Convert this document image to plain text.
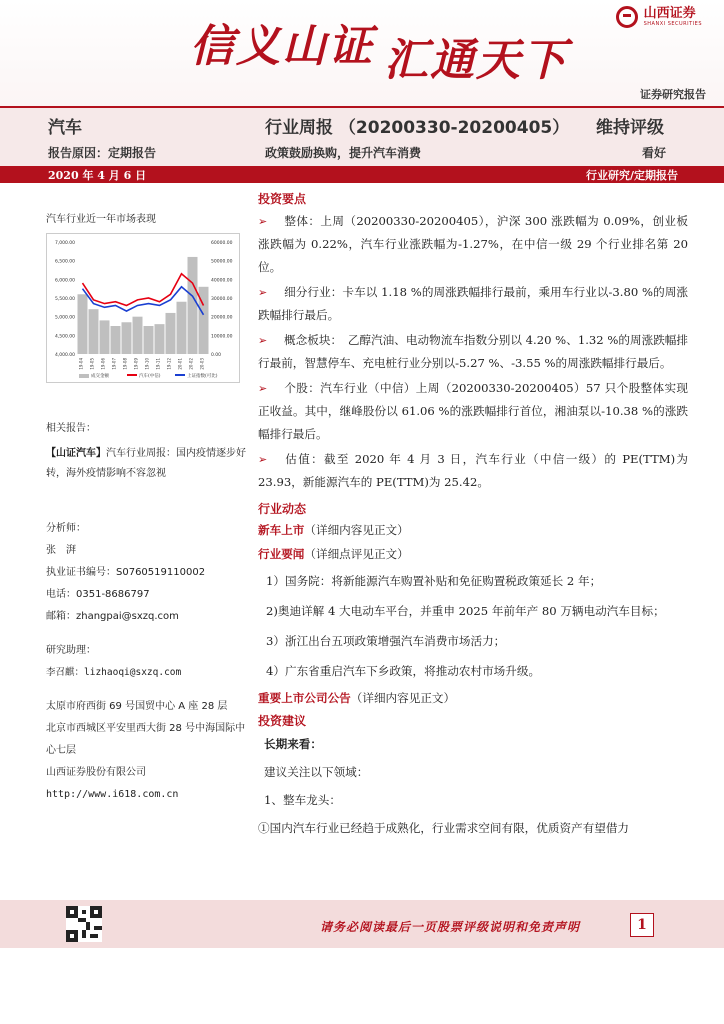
信义山证 汇通天下
山西证券
SHANXI SECURITIES
证券研究报告
汽车	行业周报 （20200330-20200405） 维持评级
报告原因：定期报告	政策鼓励换购，提升汽车消费	看好
2020 年 4 月 6 日	行业研究/定期报告
汽车行业近一年市场表现
7,000.00
6,500.00
6,000.00
5,500.00
5,000.00
4,500.00
4,000.00
60000.00
50000.00
40000.00
30000.00
20000.00
10000.00
0.00
19-04 19-05 19-06 19-07 19-08 19-09 19-10 19-11 19-12 20-01 20-02 20-03
成交金额	汽车(中信)	上证指数(可比)
相关报告：
【山证汽车】汽车行业周报：国内疫情逐步好转，海外疫情影响不容忽视
分析师：
张　湃
执业证书编号：S0760519110002
电话：0351-8686797
邮箱：zhangpai@sxzq.com
研究助理：
李召麒：lizhaoqi@sxzq.com
太原市府西街 69 号国贸中心 A 座 28 层
北京市西城区平安里西大街 28 号中海国际中心七层
山西证券股份有限公司
http://www.i618.com.cn
投资要点
➢ 整体：上周（20200330-20200405），沪深 300 涨跌幅为 0.09%，创业板涨跌幅为 0.22%，汽车行业涨跌幅为-1.27%，在中信一级 29 个行业排名第 20 位。
➢ 细分行业：卡车以 1.18 %的周涨跌幅排行最前，乘用车行业以-3.80 %的周涨跌幅排行最后。
➢ 概念板块：　乙醇汽油、电动物流车指数分别以 4.20 %、1.32 %的周涨跌幅排行最前，智慧停车、充电桩行业分别以-5.27 %、-3.55 %的周涨跌幅排行最后。
➢ 个股：汽车行业（中信）上周（20200330-20200405）57 只个股整体实现正收益。其中，继峰股份以 61.06 %的涨跌幅排行首位，湘油泵以-10.38 %的涨跌幅排行最后。
➢ 估值：截至 2020 年 4 月 3 日，汽车行业（中信一级）的 PE(TTM)为 23.93，新能源汽车的 PE(TTM)为 25.42。
行业动态
新车上市（详细内容见正文）
行业要闻（详细点评见正文）
1）国务院：将新能源汽车购置补贴和免征购置税政策延长 2 年；
2)奥迪详解 4 大电动车平台，并重申 2025 年前年产 80 万辆电动汽车目标；
3）浙江出台五项政策增强汽车消费市场活力；
4）广东省重启汽车下乡政策，将推动农村市场升级。
重要上市公司公告（详细内容见正文）
投资建议
长期来看：
建议关注以下领域：
1、整车龙头：
①国内汽车行业已经趋于成熟化，行业需求空间有限，优质资产有望借力
请务必阅读最后一页股票评级说明和免责声明	1
